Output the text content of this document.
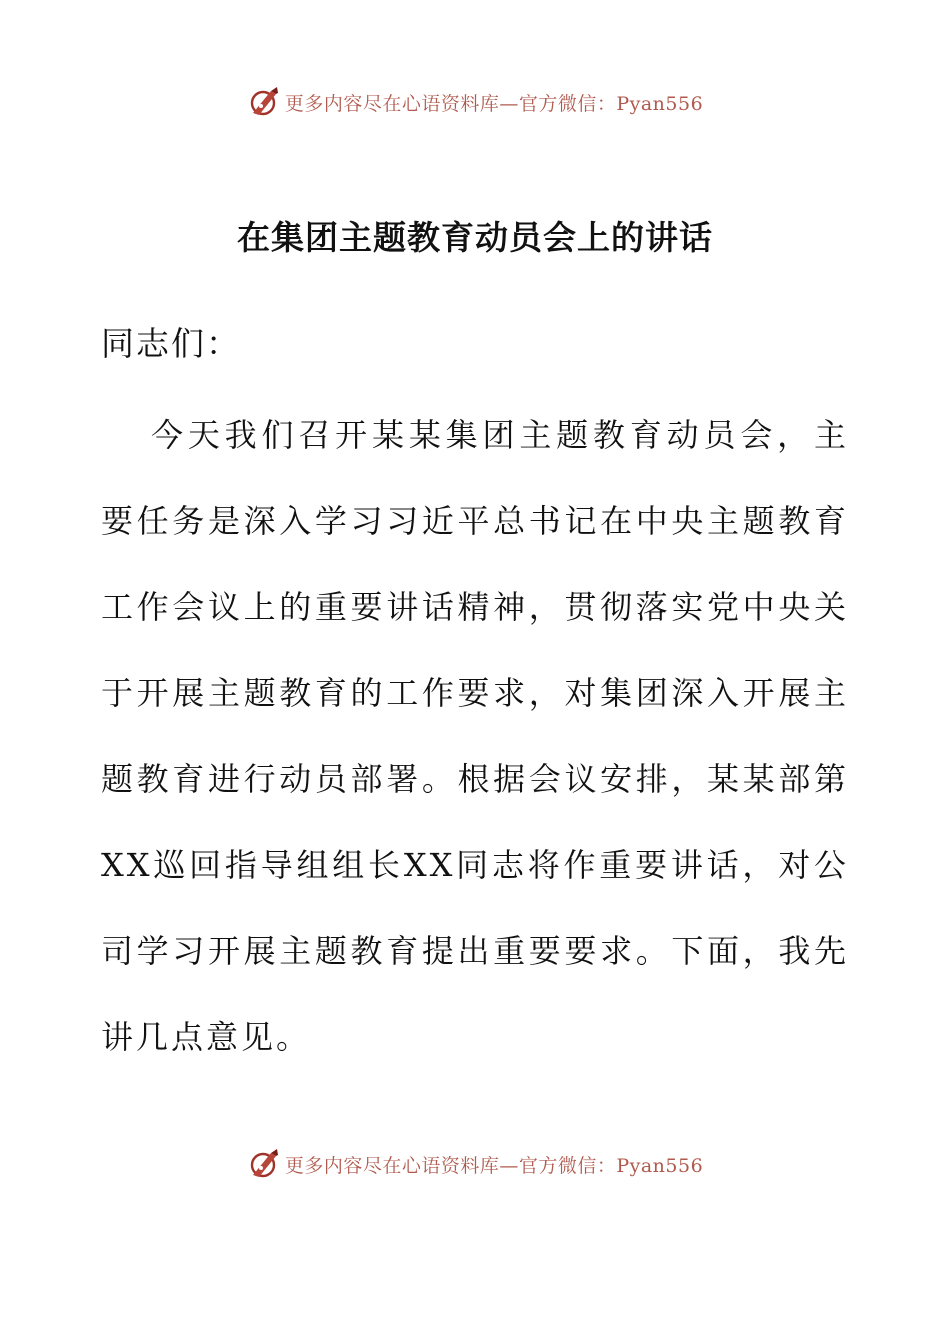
更多内容尽在心语资料库—官方微信：Pyan556
在集团主题教育动员会上的讲话
同志们：

今天我们召开某某集团主题教育动员会，主要任务是深入学习习近平总书记在中央主题教育工作会议上的重要讲话精神，贯彻落实党中央关于开展主题教育的工作要求，对集团深入开展主题教育进行动员部署。根据会议安排，某某部第XX巡回指导组组长XX同志将作重要讲话，对公司学习开展主题教育提出重要要求。下面，我先讲几点意见。

更多内容尽在心语资料库—官方微信：Pyan556
